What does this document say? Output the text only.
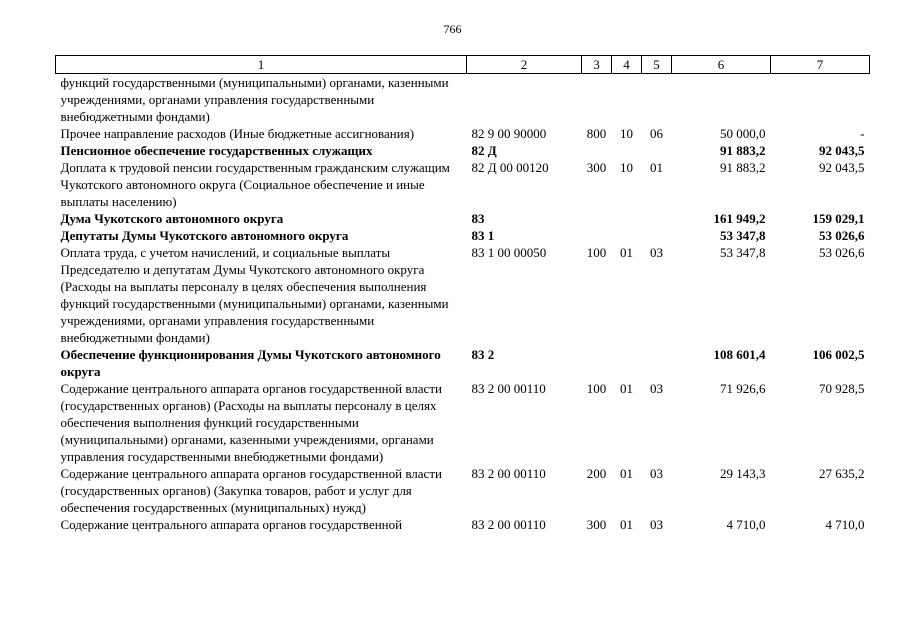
766
1	2	3	4	5	6	7
функций государственными (муниципальными) органами, казенными учреждениями, органами управления государственными внебюджетными фондами)						
Прочее направление расходов (Иные бюджетные ассигнования)	82 9 00 90000	800	10	06	50 000,0	-
Пенсионное обеспечение государственных служащих	82 Д				91 883,2	92 043,5
Доплата к трудовой пенсии государственным гражданским служащим Чукотского автономного округа (Социальное обеспечение и иные выплаты населению)	82 Д 00 00120	300	10	01	91 883,2	92 043,5
Дума Чукотского автономного округа	83				161 949,2	159 029,1
Депутаты Думы Чукотского автономного округа	83 1				53 347,8	53 026,6
Оплата труда, с учетом начислений, и социальные выплаты Председателю и депутатам Думы Чукотского автономного округа (Расходы на выплаты персоналу в целях обеспечения выполнения функций государственными (муниципальными) органами, казенными учреждениями, органами управления государственными внебюджетными фондами)	83 1 00 00050	100	01	03	53 347,8	53 026,6
Обеспечение функционирования Думы Чукотского автономного округа	83 2				108 601,4	106 002,5
Содержание центрального аппарата органов государственной власти (государственных органов) (Расходы на выплаты персоналу в целях обеспечения выполнения функций государственными (муниципальными) органами, казенными учреждениями, органами управления государственными внебюджетными фондами)	83 2 00 00110	100	01	03	71 926,6	70 928,5
Содержание центрального аппарата органов государственной власти (государственных органов) (Закупка товаров, работ и услуг для обеспечения государственных (муниципальных) нужд)	83 2 00 00110	200	01	03	29 143,3	27 635,2
Содержание центрального аппарата органов государственной	83 2 00 00110	300	01	03	4 710,0	4 710,0
